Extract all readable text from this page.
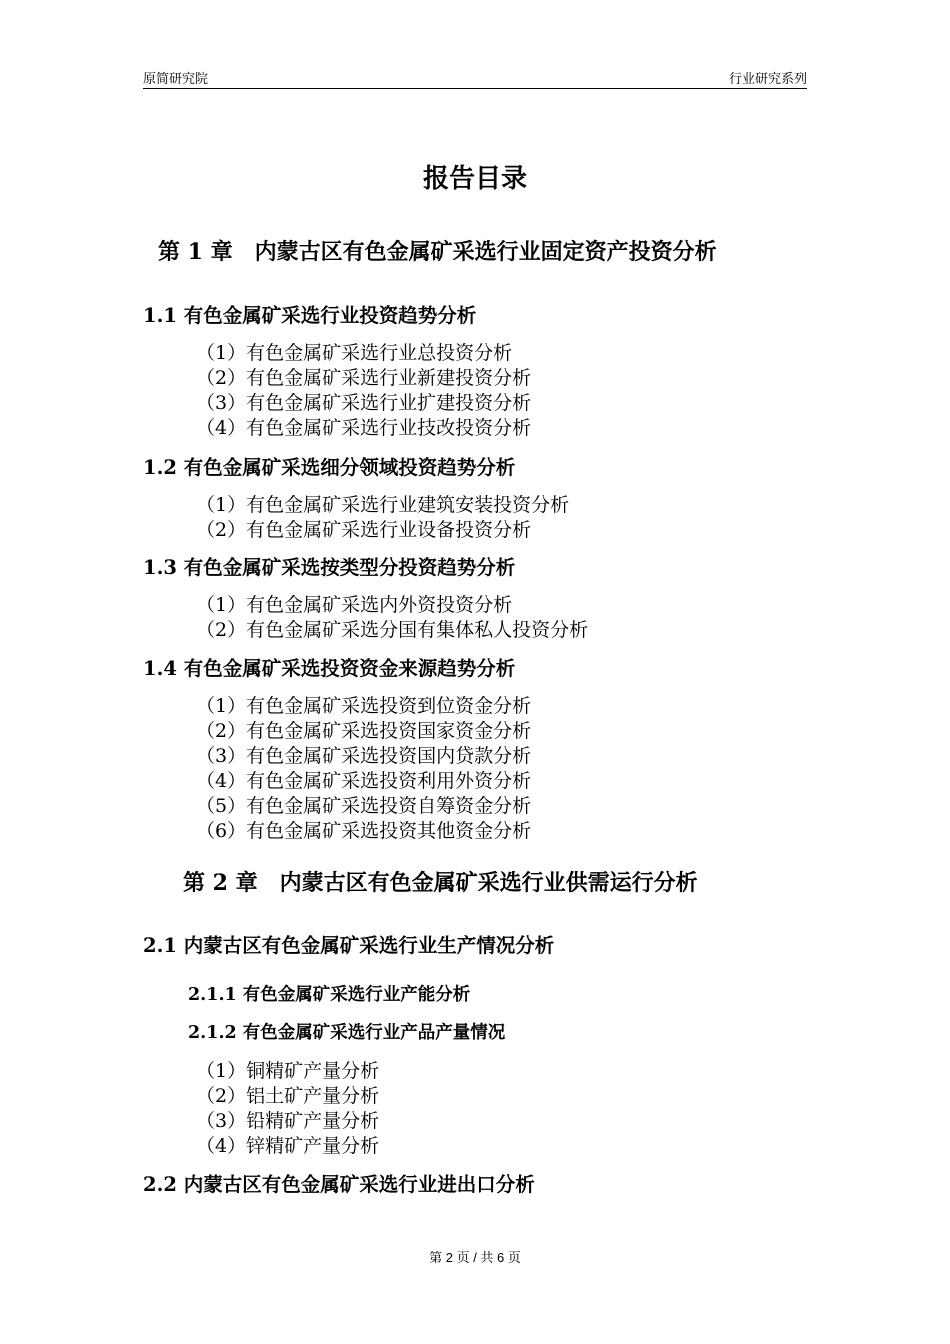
原简研究院	行业研究系列
报告目录
第 1 章　内蒙古区有色金属矿采选行业固定资产投资分析
1.1 有色金属矿采选行业投资趋势分析
（1）有色金属矿采选行业总投资分析
（2）有色金属矿采选行业新建投资分析
（3）有色金属矿采选行业扩建投资分析
（4）有色金属矿采选行业技改投资分析
1.2 有色金属矿采选细分领域投资趋势分析
（1）有色金属矿采选行业建筑安装投资分析
（2）有色金属矿采选行业设备投资分析
1.3 有色金属矿采选按类型分投资趋势分析
（1）有色金属矿采选内外资投资分析
（2）有色金属矿采选分国有集体私人投资分析
1.4 有色金属矿采选投资资金来源趋势分析
（1）有色金属矿采选投资到位资金分析
（2）有色金属矿采选投资国家资金分析
（3）有色金属矿采选投资国内贷款分析
（4）有色金属矿采选投资利用外资分析
（5）有色金属矿采选投资自筹资金分析
（6）有色金属矿采选投资其他资金分析
第 2 章　内蒙古区有色金属矿采选行业供需运行分析
2.1 内蒙古区有色金属矿采选行业生产情况分析
2.1.1 有色金属矿采选行业产能分析
2.1.2 有色金属矿采选行业产品产量情况
（1）铜精矿产量分析
（2）铝土矿产量分析
（3）铅精矿产量分析
（4）锌精矿产量分析
2.2 内蒙古区有色金属矿采选行业进出口分析
第 2 页 / 共 6 页
